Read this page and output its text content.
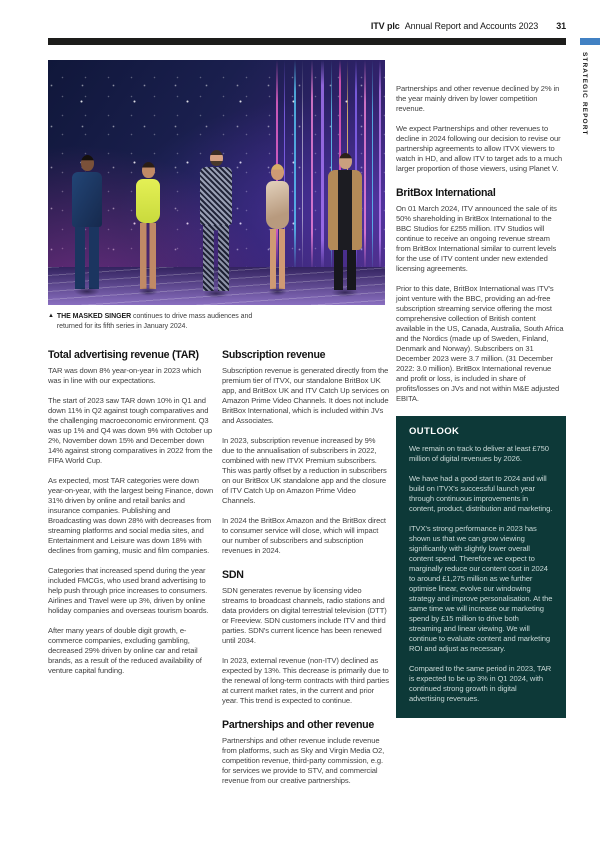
ITV plc Annual Report and Accounts 2023 31
STRATEGIC REPORT
▲ THE MASKED SINGER continues to drive mass audiences and returned for its fifth series in January 2024.
Total advertising revenue (TAR)

TAR was down 8% year-on-year in 2023 which was in line with our expectations.

The start of 2023 saw TAR down 10% in Q1 and down 11% in Q2 against tough comparatives and the challenging macroeconomic environment. Q3 was up 1% and Q4 was down 9% with October up 2%, November down 15% and December down 14% against strong comparatives in 2022 from the FIFA World Cup.

As expected, most TAR categories were down year-on-year, with the largest being Finance, down 31% driven by online and retail banks and insurance companies. Publishing and Broadcasting was down 28% with decreases from streaming platforms and social media sites, and Entertainment and Leisure was down 18% with declines from gaming, music and film companies.

Categories that increased spend during the year included FMCGs, who used brand advertising to help push through price increases to consumers. Airlines and Travel were up 3%, driven by online holiday companies and overseas tourism boards.

After many years of double digit growth, e-commerce companies, excluding gambling, decreased 29% driven by online car and retail brands, as a result of the reduced availability of venture capital funding.

Subscription revenue

Subscription revenue is generated directly from the premium tier of ITVX, our standalone BritBox UK app, and BritBox UK and ITV Catch Up services on Amazon Prime Video Channels. It does not include BritBox International, which is included within JVs and Associates.

In 2023, subscription revenue increased by 9% due to the annualisation of subscribers in 2022, combined with new ITVX Premium subscribers. This was partly offset by a reduction in subscribers on our BritBox UK standalone app and the closure of ITV Catch Up on Amazon Prime Video Channels.

In 2024 the BritBox Amazon and the BritBox direct to consumer service will close, which will impact our number of subscribers and subscription revenues in 2024.

SDN

SDN generates revenue by licensing video streams to broadcast channels, radio stations and data providers on digital terrestrial television (DTT) or Freeview. SDN customers include ITV and third parties. SDN's current licence has been renewed until 2034.

In 2023, external revenue (non-ITV) declined as expected by 13%. This decrease is primarily due to the renewal of long-term contracts with third parties at current market rates, in the current and prior year. This trend is expected to continue.

Partnerships and other revenue

Partnerships and other revenue include revenue from platforms, such as Sky and Virgin Media O2, competition revenue, third-party commission, e.g. for services we provide to STV, and commercial revenue from our creative partnerships.

Partnerships and other revenue declined by 2% in the year mainly driven by lower competition revenue.

We expect Partnerships and other revenues to decline in 2024 following our decision to revise our partnership agreements to allow ITVX viewers to watch in HD, and allow ITV to target ads to a much larger proportion of those viewers, using Planet V.

BritBox International

On 01 March 2024, ITV announced the sale of its 50% shareholding in BritBox International to the BBC Studios for £255 million. ITV Studios will continue to receive an ongoing revenue stream from BritBox International similar to current levels for the use of ITV content under new extended licensing agreements.

Prior to this date, BritBox International was ITV's joint venture with the BBC, providing an ad-free subscription streaming service offering the most comprehensive collection of British content available in the US, Canada, Australia, South Africa and the Nordics (made up of Sweden, Finland, Denmark and Norway). Subscribers on 31 December 2023 were 3.7 million. (31 December 2022: 3.0 million). BritBox International revenue and profit or loss, is included in share of profits/losses on JVs and not within M&E adjusted EBITA.

OUTLOOK

We remain on track to deliver at least £750 million of digital revenues by 2026.

We have had a good start to 2024 and will build on ITVX's successful launch year through continuous improvements in content, product, distribution and marketing.

ITVX's strong performance in 2023 has shown us that we can grow viewing significantly with slightly lower overall content spend. Therefore we expect to marginally reduce our content cost in 2024 to around £1,275 million as we further optimise linear, evolve our windowing strategy and improve personalisation. At the same time we will increase our marketing spend by £15 million to drive both streaming and linear viewing. We will continue to evaluate content and marketing ROI and adjust as necessary.

Compared to the same period in 2023, TAR is expected to be up 3% in Q1 2024, with continued strong growth in digital advertising revenues.
